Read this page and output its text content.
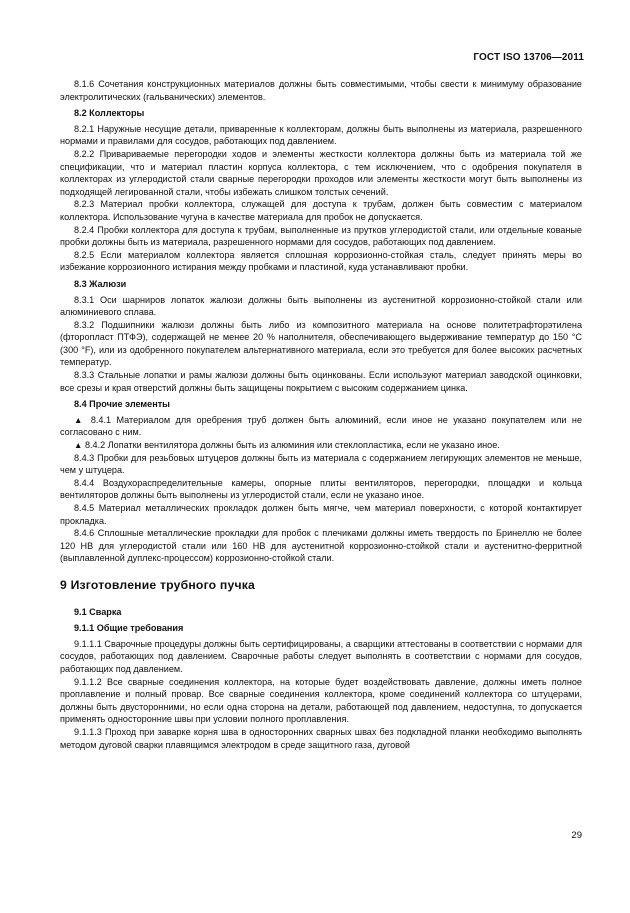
ГОСТ ISO 13706—2011
8.1.6 Сочетания конструкционных материалов должны быть совместимыми, чтобы свести к минимуму образование электролитических (гальванических) элементов.
8.2 Коллекторы
8.2.1 Наружные несущие детали, приваренные к коллекторам, должны быть выполнены из материала, разрешенного нормами и правилами для сосудов, работающих под давлением.
8.2.2 Привариваемые перегородки ходов и элементы жесткости коллектора должны быть из материала той же спецификации, что и материал пластин корпуса коллектора, с тем исключением, что с одобрения покупателя в коллекторах из углеродистой стали сварные перегородки проходов или элементы жесткости могут быть выполнены из подходящей легированной стали, чтобы избежать слишком толстых сечений.
8.2.3 Материал пробки коллектора, служащей для доступа к трубам, должен быть совместим с материалом коллектора. Использование чугуна в качестве материала для пробок не допускается.
8.2.4 Пробки коллектора для доступа к трубам, выполненные из прутков углеродистой стали, или отдельные кованые пробки должны быть из материала, разрешенного нормами для сосудов, работающих под давлением.
8.2.5 Если материалом коллектора является сплошная коррозионно-стойкая сталь, следует принять меры во избежание коррозионного истирания между пробками и пластиной, куда устанавливают пробки.
8.3 Жалюзи
8.3.1 Оси шарниров лопаток жалюзи должны быть выполнены из аустенитной коррозионно-стойкой стали или алюминиевого сплава.
8.3.2 Подшипники жалюзи должны быть либо из композитного материала на основе политетрафторэтилена (фторопласт ПТФЭ), содержащей не менее 20 % наполнителя, обеспечивающего выдерживание температур до 150 °С (300 °F), или из одобренного покупателем альтернативного материала, если это требуется для более высоких расчетных температур.
8.3.3 Стальные лопатки и рамы жалюзи должны быть оцинкованы. Если используют материал заводской оцинковки, все срезы и края отверстий должны быть защищены покрытием с высоким содержанием цинка.
8.4 Прочие элементы
▲ 8.4.1 Материалом для оребрения труб должен быть алюминий, если иное не указано покупателем или не согласовано с ним.
▲ 8.4.2 Лопатки вентилятора должны быть из алюминия или стеклопластика, если не указано иное.
8.4.3 Пробки для резьбовых штуцеров должны быть из материала с содержанием легирующих элементов не меньше, чем у штуцера.
8.4.4 Воздухораспределительные камеры, опорные плиты вентиляторов, перегородки, площадки и кольца вентиляторов должны быть выполнены из углеродистой стали, если не указано иное.
8.4.5 Материал металлических прокладок должен быть мягче, чем материал поверхности, с которой контактирует прокладка.
8.4.6 Сплошные металлические прокладки для пробок с плечиками должны иметь твердость по Бринеллю не более 120 HB для углеродистой стали или 160 HB для аустенитной коррозионно-стойкой стали и аустенитно-ферритной (выплавленной дуплекс-процессом) коррозионно-стойкой стали.
9 Изготовление трубного пучка
9.1 Сварка
9.1.1 Общие требования
9.1.1.1 Сварочные процедуры должны быть сертифицированы, а сварщики аттестованы в соответствии с нормами для сосудов, работающих под давлением. Сварочные работы следует выполнять в соответствии с нормами для сосудов, работающих под давлением.
9.1.1.2 Все сварные соединения коллектора, на которые будет воздействовать давление, должны иметь полное проплавление и полный провар. Все сварные соединения коллектора, кроме соединений коллектора со штуцерами, должны быть двусторонними, но если одна сторона на детали, работающей под давлением, недоступна, то допускается применять односторонние швы при условии полного проплавления.
9.1.1.3 Проход при заварке корня шва в односторонних сварных швах без подкладной планки необходимо выполнять методом дуговой сварки плавящимся электродом в среде защитного газа, дуговой
29
